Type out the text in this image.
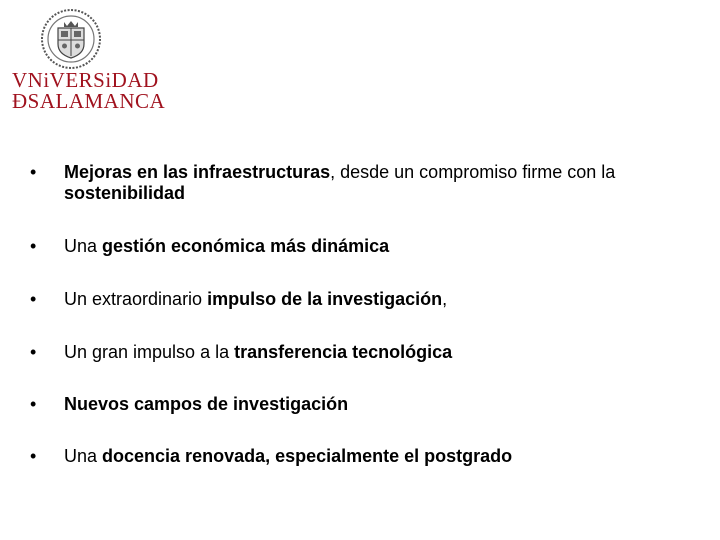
VNiVERSiDAD
ÐSALAMANCA
• Mejoras en las infraestructuras, desde un compromiso firme con la sostenibilidad
• Una gestión económica más dinámica
• Un extraordinario impulso de la investigación,
• Un gran impulso a la transferencia tecnológica
• Nuevos campos de investigación
• Una docencia renovada, especialmente el postgrado
